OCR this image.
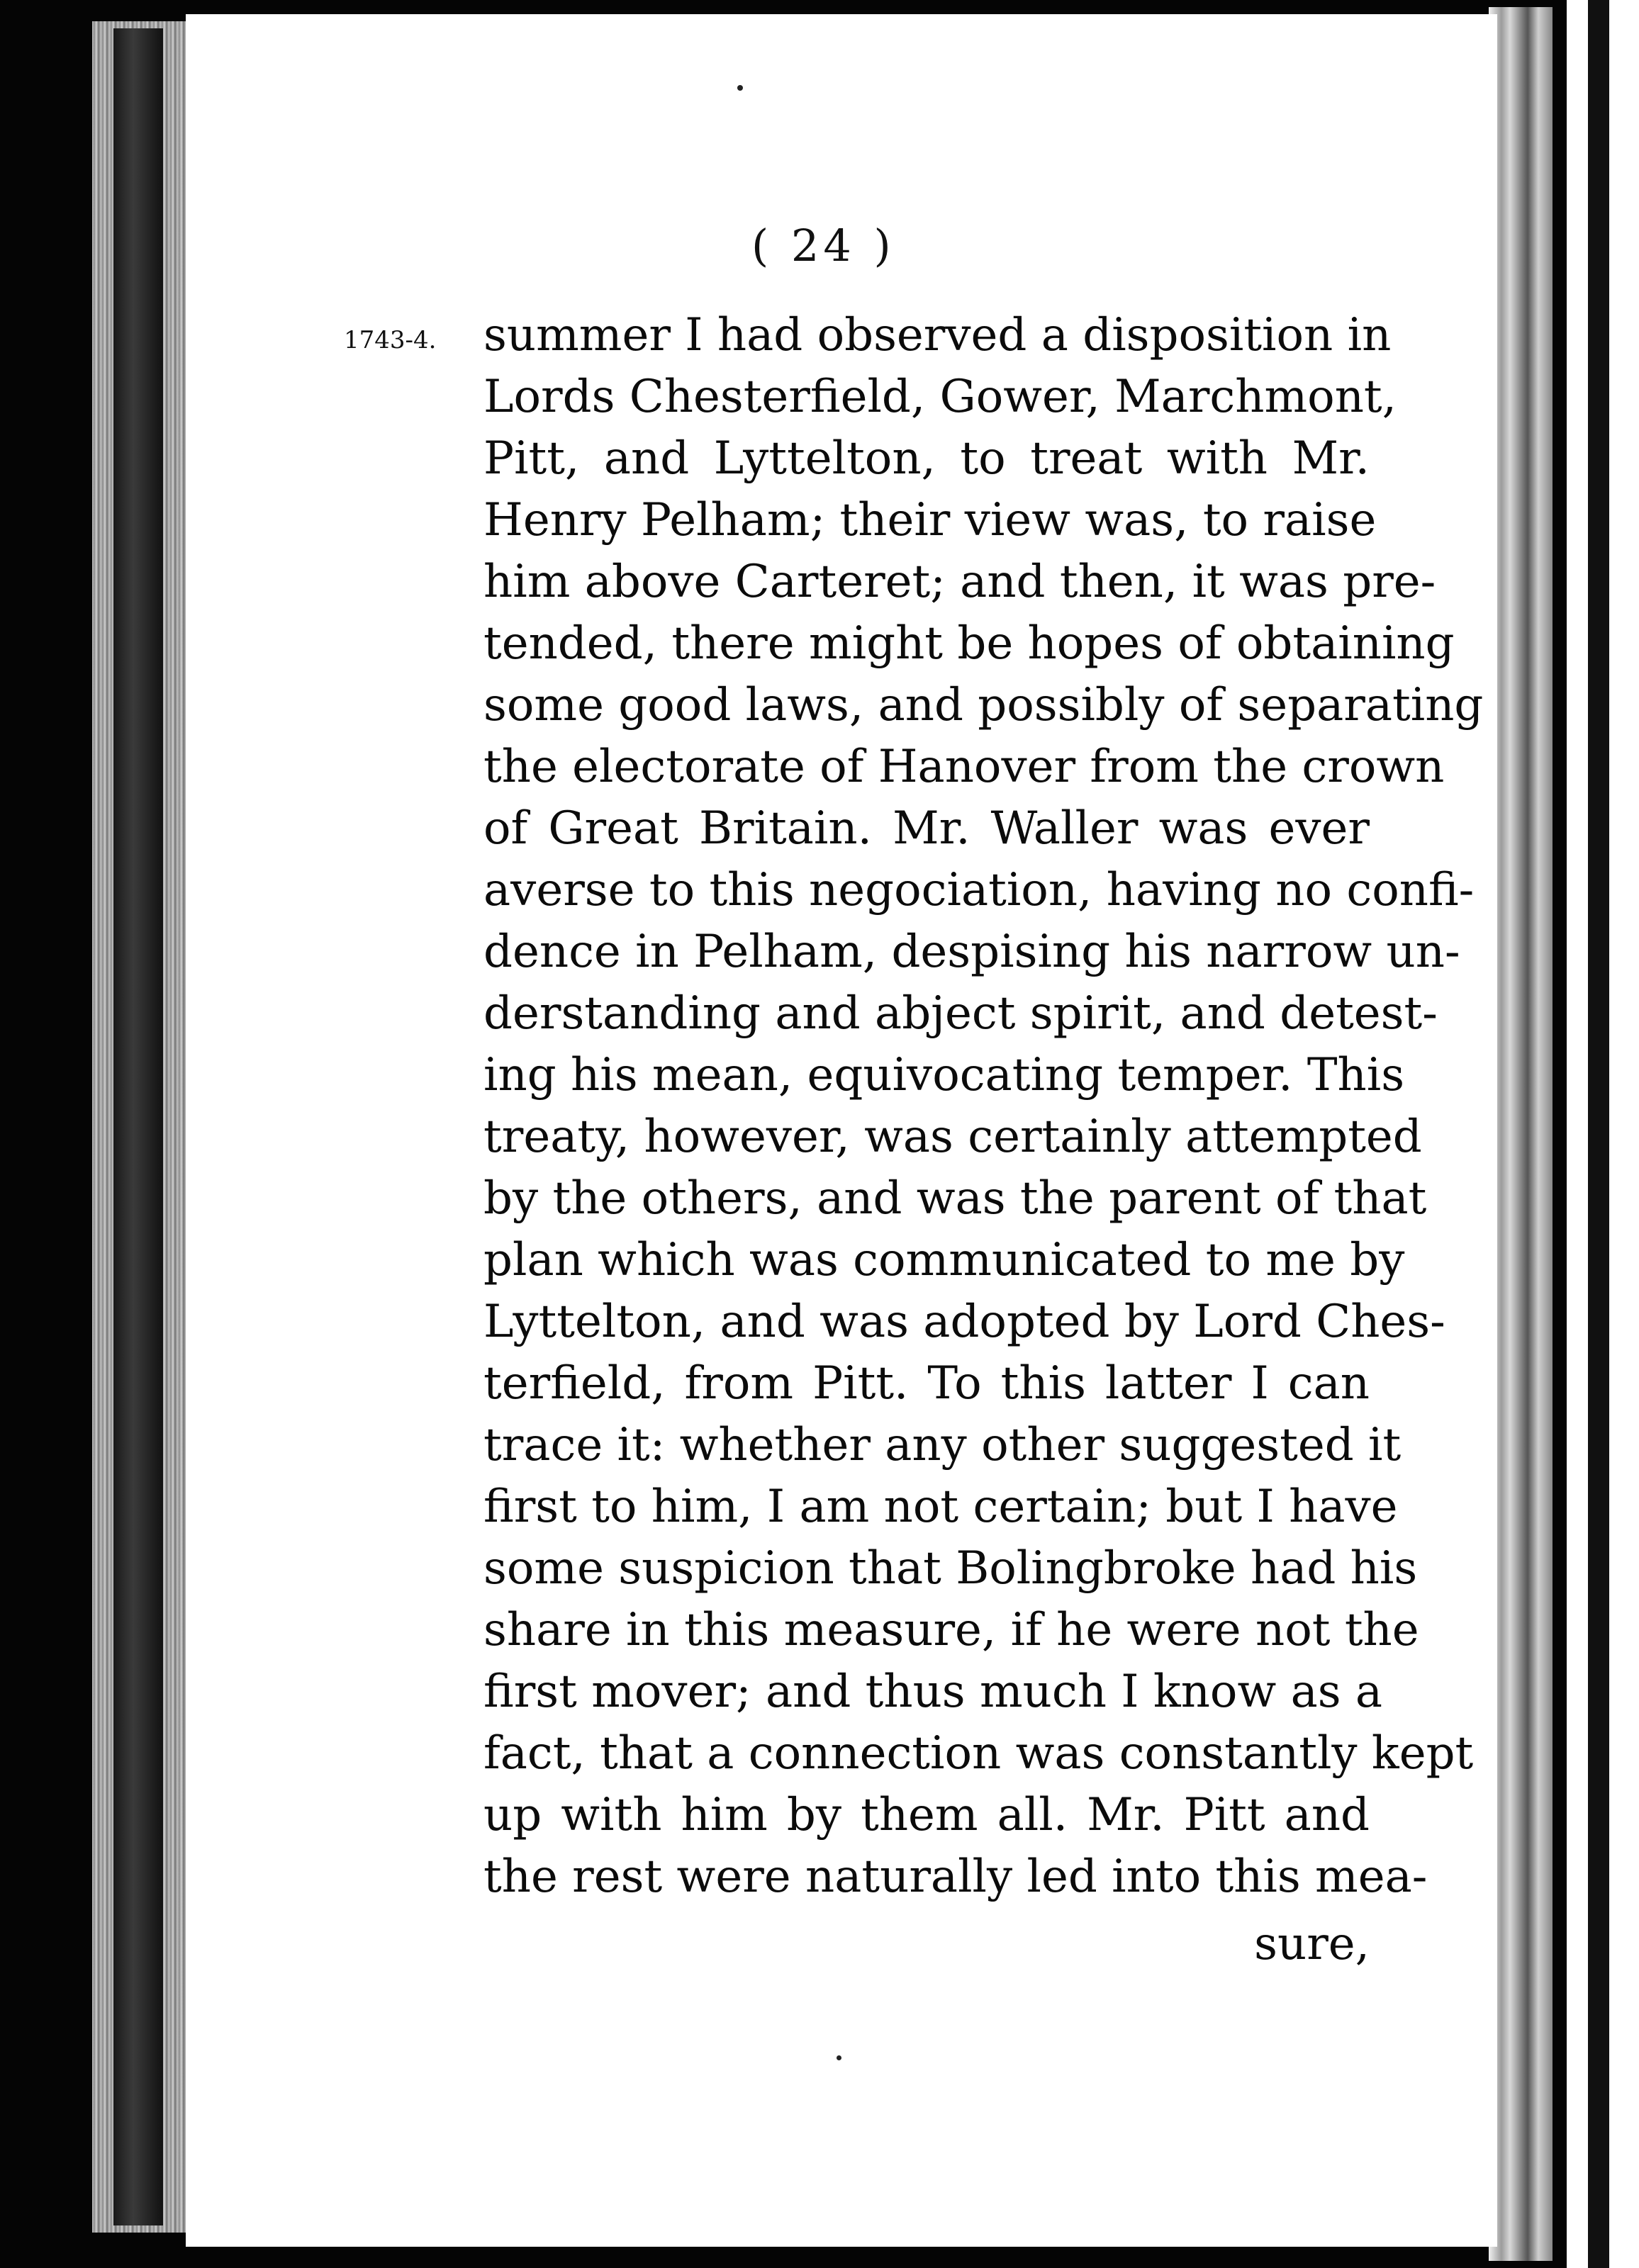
( 24 )
1743-4. summer I had observed a disposition in
Lords Chesterfield, Gower, Marchmont,
Pitt, and Lyttelton, to treat with Mr.
Henry Pelham; their view was, to raise
him above Carteret; and then, it was pre-
tended, there might be hopes of obtaining
some good laws, and possibly of separating
the electorate of Hanover from the crown
of Great Britain. Mr. Waller was ever
averse to this negociation, having no confi-
dence in Pelham, despising his narrow un-
derstanding and abject spirit, and detest-
ing his mean, equivocating temper. This
treaty, however, was certainly attempted
by the others, and was the parent of that
plan which was communicated to me by
Lyttelton, and was adopted by Lord Ches-
terfield, from Pitt. To this latter I can
trace it: whether any other suggested it
first to him, I am not certain; but I have
some suspicion that Bolingbroke had his
share in this measure, if he were not the
first mover; and thus much I know as a
fact, that a connection was constantly kept
up with him by them all. Mr. Pitt and
the rest were naturally led into this mea-
sure,
